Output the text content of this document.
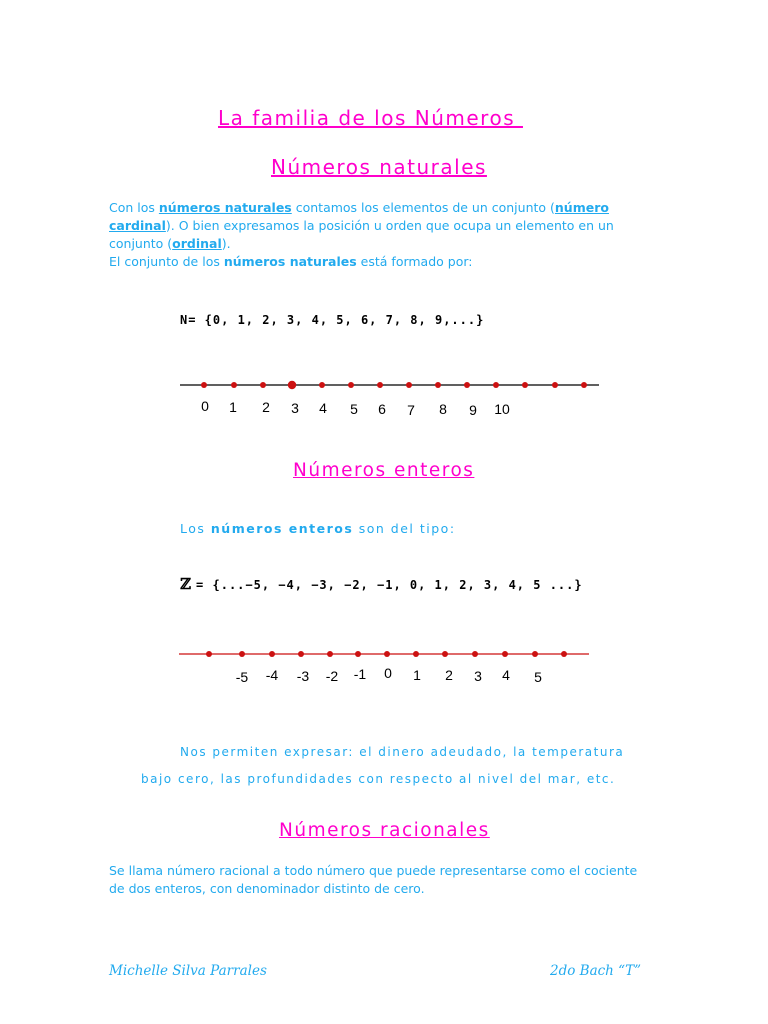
La familia de los Números
Números naturales
Con los números naturales contamos los elementos de un conjunto (número
cardinal). O bien expresamos la posición u orden que ocupa un elemento en un
conjunto (ordinal).
El conjunto de los números naturales está formado por:
N= {0, 1, 2, 3, 4, 5, 6, 7, 8, 9,...}
0 1 2 3 4 5 6 7 8 9 10
Números enteros
Los números enteros son del tipo:
ℤ = {...−5, −4, −3, −2, −1, 0, 1, 2, 3, 4, 5 ...}
-5 -4 -3 -2 -1 0 1 2 3 4 5
Nos permiten expresar: el dinero adeudado, la temperatura
bajo cero, las profundidades con respecto al nivel del mar, etc.
Números racionales
Se llama número racional a todo número que puede representarse como el cociente
de dos enteros, con denominador distinto de cero.
Michelle Silva Parrales	2do Bach “T”
